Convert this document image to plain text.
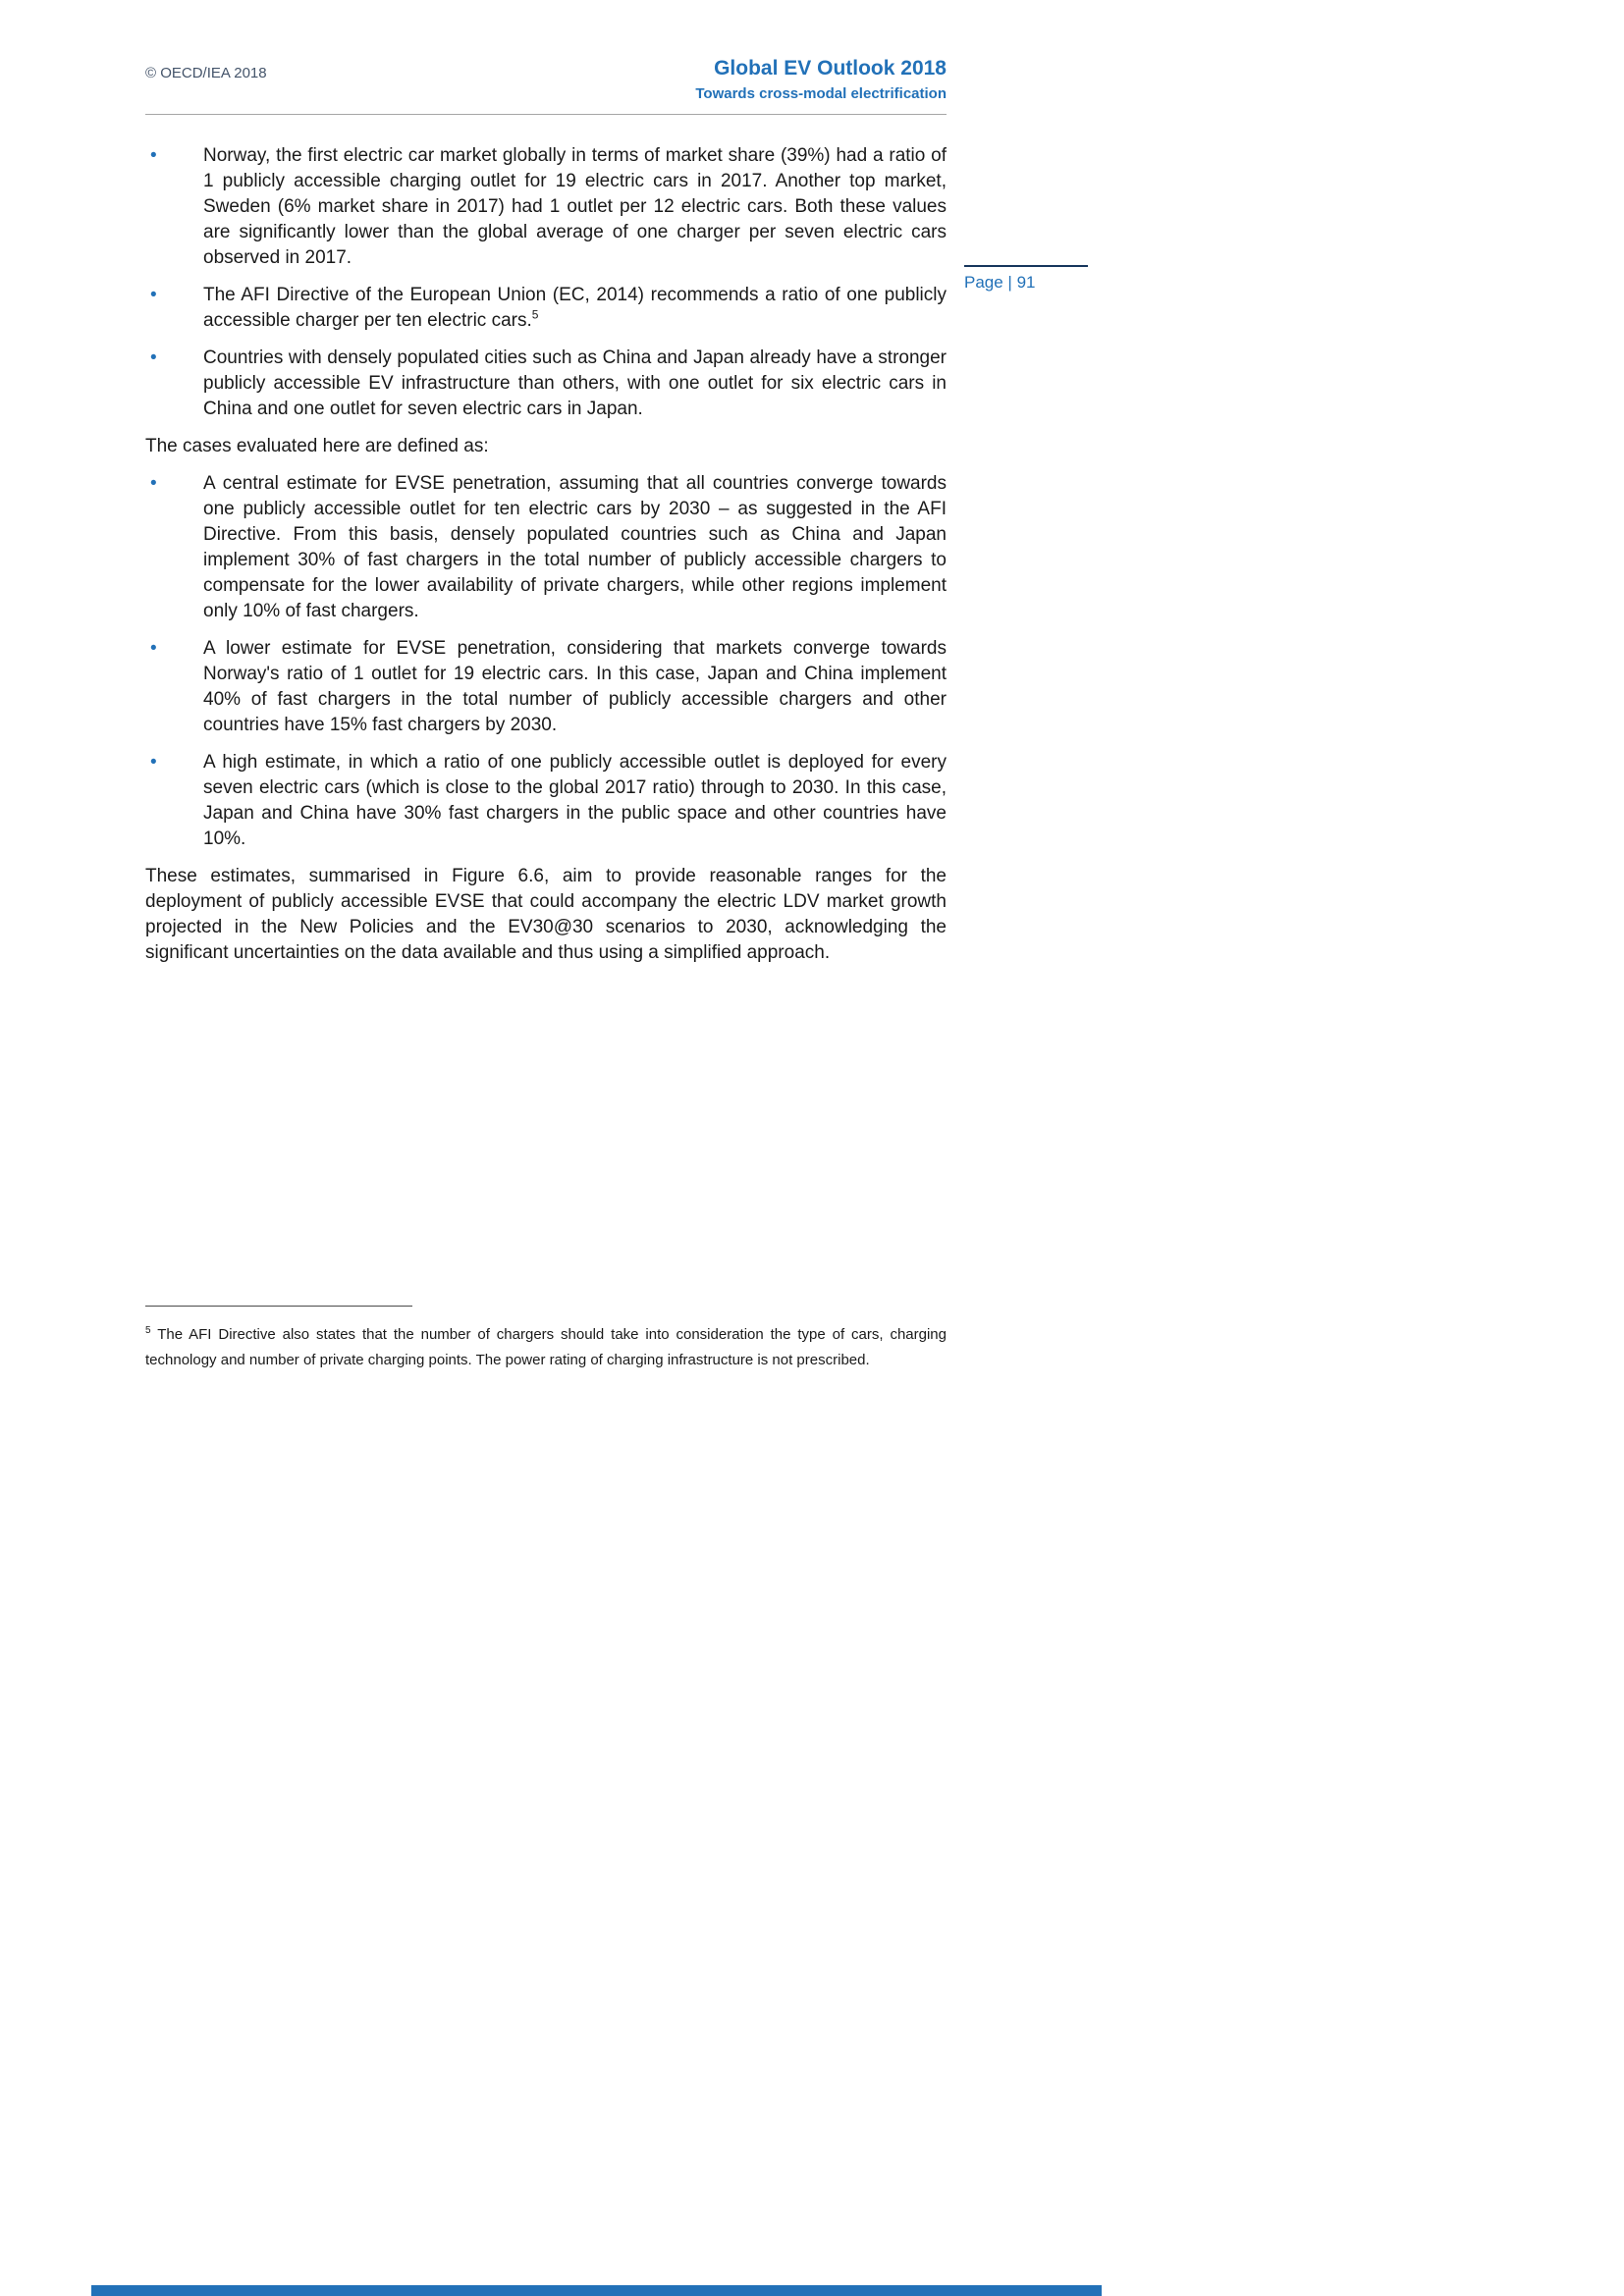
© OECD/IEA 2018	Global EV Outlook 2018
Towards cross-modal electrification
Page | 91
•	Norway, the first electric car market globally in terms of market share (39%) had a ratio of 1 publicly accessible charging outlet for 19 electric cars in 2017. Another top market, Sweden (6% market share in 2017) had 1 outlet per 12 electric cars. Both these values are significantly lower than the global average of one charger per seven electric cars observed in 2017.

•	The AFI Directive of the European Union (EC, 2014) recommends a ratio of one publicly accessible charger per ten electric cars.$^5$

•	Countries with densely populated cities such as China and Japan already have a stronger publicly accessible EV infrastructure than others, with one outlet for six electric cars in China and one outlet for seven electric cars in Japan.

The cases evaluated here are defined as:

•	A central estimate for EVSE penetration, assuming that all countries converge towards one publicly accessible outlet for ten electric cars by 2030 – as suggested in the AFI Directive. From this basis, densely populated countries such as China and Japan implement 30% of fast chargers in the total number of publicly accessible chargers to compensate for the lower availability of private chargers, while other regions implement only 10% of fast chargers.

•	A lower estimate for EVSE penetration, considering that markets converge towards Norway's ratio of 1 outlet for 19 electric cars. In this case, Japan and China implement 40% of fast chargers in the total number of publicly accessible chargers and other countries have 15% fast chargers by 2030.

•	A high estimate, in which a ratio of one publicly accessible outlet is deployed for every seven electric cars (which is close to the global 2017 ratio) through to 2030. In this case, Japan and China have 30% fast chargers in the public space and other countries have 10%.

These estimates, summarised in Figure 6.6, aim to provide reasonable ranges for the deployment of publicly accessible EVSE that could accompany the electric LDV market growth projected in the New Policies and the EV30@30 scenarios to 2030, acknowledging the significant uncertainties on the data available and thus using a simplified approach.

$^5$ The AFI Directive also states that the number of chargers should take into consideration the type of cars, charging technology and number of private charging points. The power rating of charging infrastructure is not prescribed.
